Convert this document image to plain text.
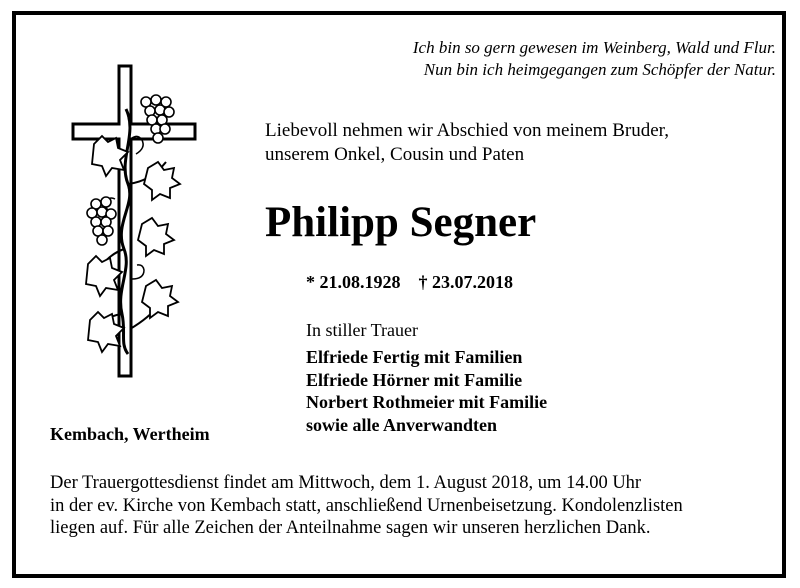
Ich bin so gern gewesen im Weinberg, Wald und Flur.
Nun bin ich heimgegangen zum Schöpfer der Natur.
Liebevoll nehmen wir Abschied von meinem Bruder,
unserem Onkel, Cousin und Paten
Philipp Segner
* 21.08.1928 † 23.07.2018
In stiller Trauer
Elfriede Fertig mit Familien
Elfriede Hörner mit Familie
Norbert Rothmeier mit Familie
sowie alle Anverwandten
Kembach, Wertheim
Der Trauergottesdienst findet am Mittwoch, dem 1. August 2018, um 14.00 Uhr
in der ev. Kirche von Kembach statt, anschließend Urnenbeisetzung. Kondolenzlisten
liegen auf. Für alle Zeichen der Anteilnahme sagen wir unseren herzlichen Dank.
